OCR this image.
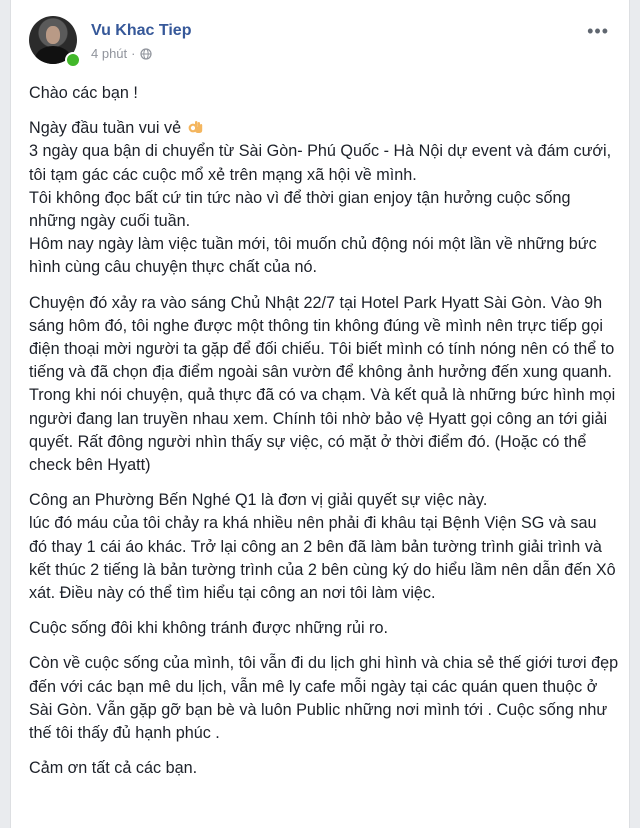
Vu Khac Tiep
4 phút ·
•••

Chào các bạn !

Ngày đầu tuần vui vẻ
3 ngày qua bận di chuyển từ Sài Gòn- Phú Quốc - Hà Nội dự event và đám cưới, tôi tạm gác các cuộc mổ xẻ trên mạng xã hội về mình.
Tôi không đọc bất cứ tin tức nào vì để thời gian enjoy tận hưởng cuộc sống những ngày cuối tuần.
Hôm nay ngày làm việc tuần mới, tôi muốn chủ động nói một lần về những bức hình cùng câu chuyện thực chất của nó.

Chuyện đó xảy ra vào sáng Chủ Nhật 22/7 tại Hotel Park Hyatt Sài Gòn. Vào 9h sáng hôm đó, tôi nghe được một thông tin không đúng về mình nên trực tiếp gọi điện thoại mời người ta gặp để đối chiếu. Tôi biết mình có tính nóng nên có thể to tiếng và đã chọn địa điểm ngoài sân vườn để không ảnh hưởng đến xung quanh. Trong khi nói chuyện, quả thực đã có va chạm. Và kết quả là những bức hình mọi người đang lan truyền nhau xem. Chính tôi nhờ bảo vệ Hyatt gọi công an tới giải quyết. Rất đông người nhìn thấy sự việc, có mặt ở thời điểm đó. (Hoặc có thể check bên Hyatt)

Công an Phường Bến Nghé Q1 là đơn vị giải quyết sự việc này.
lúc đó máu của tôi chảy ra khá nhiều nên phải đi khâu tại Bệnh Viện SG và sau đó thay 1 cái áo khác. Trở lại công an 2 bên đã làm bản tường trình giải trình và kết thúc 2 tiếng là bản tường trình của 2 bên cùng ký do hiểu lầm nên dẫn đến Xô xát. Điều này có thể tìm hiểu tại công an nơi tôi làm việc.

Cuộc sống đôi khi không tránh được những rủi ro.

Còn về cuộc sống của mình, tôi vẫn đi du lịch ghi hình và chia sẻ thế giới tươi đẹp đến với các bạn mê du lịch, vẫn mê ly cafe mỗi ngày tại các quán quen thuộc ở Sài Gòn. Vẫn gặp gỡ bạn bè và luôn Public những nơi mình tới . Cuộc sống như thế tôi thấy đủ hạnh phúc .

Cảm ơn tất cả các bạn.
